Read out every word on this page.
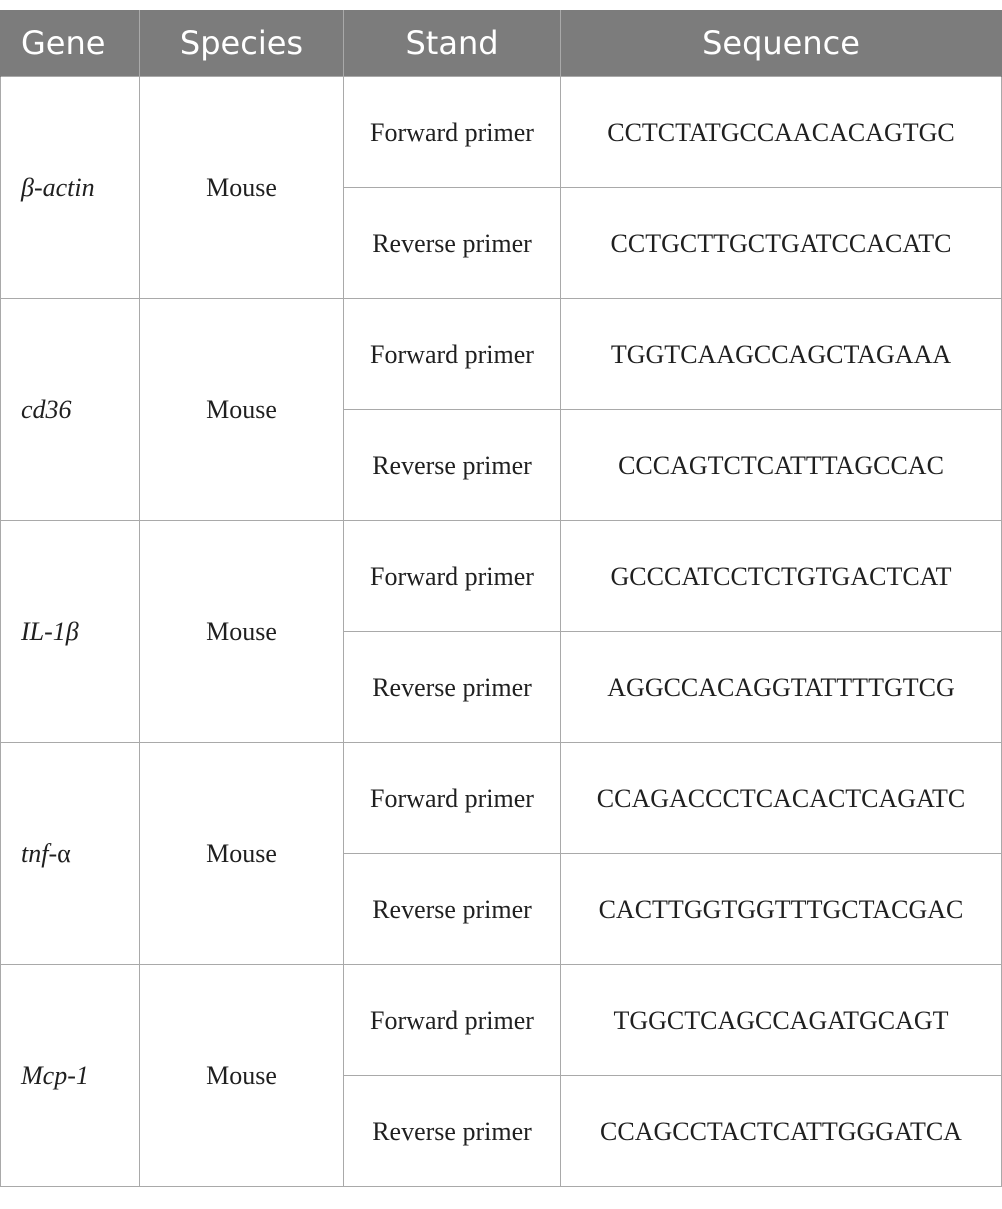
Gene	Species	Stand	Sequence
β-actin	Mouse	Forward primer	CCTCTATGCCAACACAGTGC
		Reverse primer	CCTGCTTGCTGATCCACATC
cd36	Mouse	Forward primer	TGGTCAAGCCAGCTAGAAA
		Reverse primer	CCCAGTCTCATTTAGCCAC
IL-1β	Mouse	Forward primer	GCCCATCCTCTGTGACTCAT
		Reverse primer	AGGCCACAGGTATTTTGTCG
tnf-α	Mouse	Forward primer	CCAGACCCTCACACTCAGATC
		Reverse primer	CACTTGGTGGTTTGCTACGAC
Mcp-1	Mouse	Forward primer	TGGCTCAGCCAGATGCAGT
		Reverse primer	CCAGCCTACTCATTGGGATCA
